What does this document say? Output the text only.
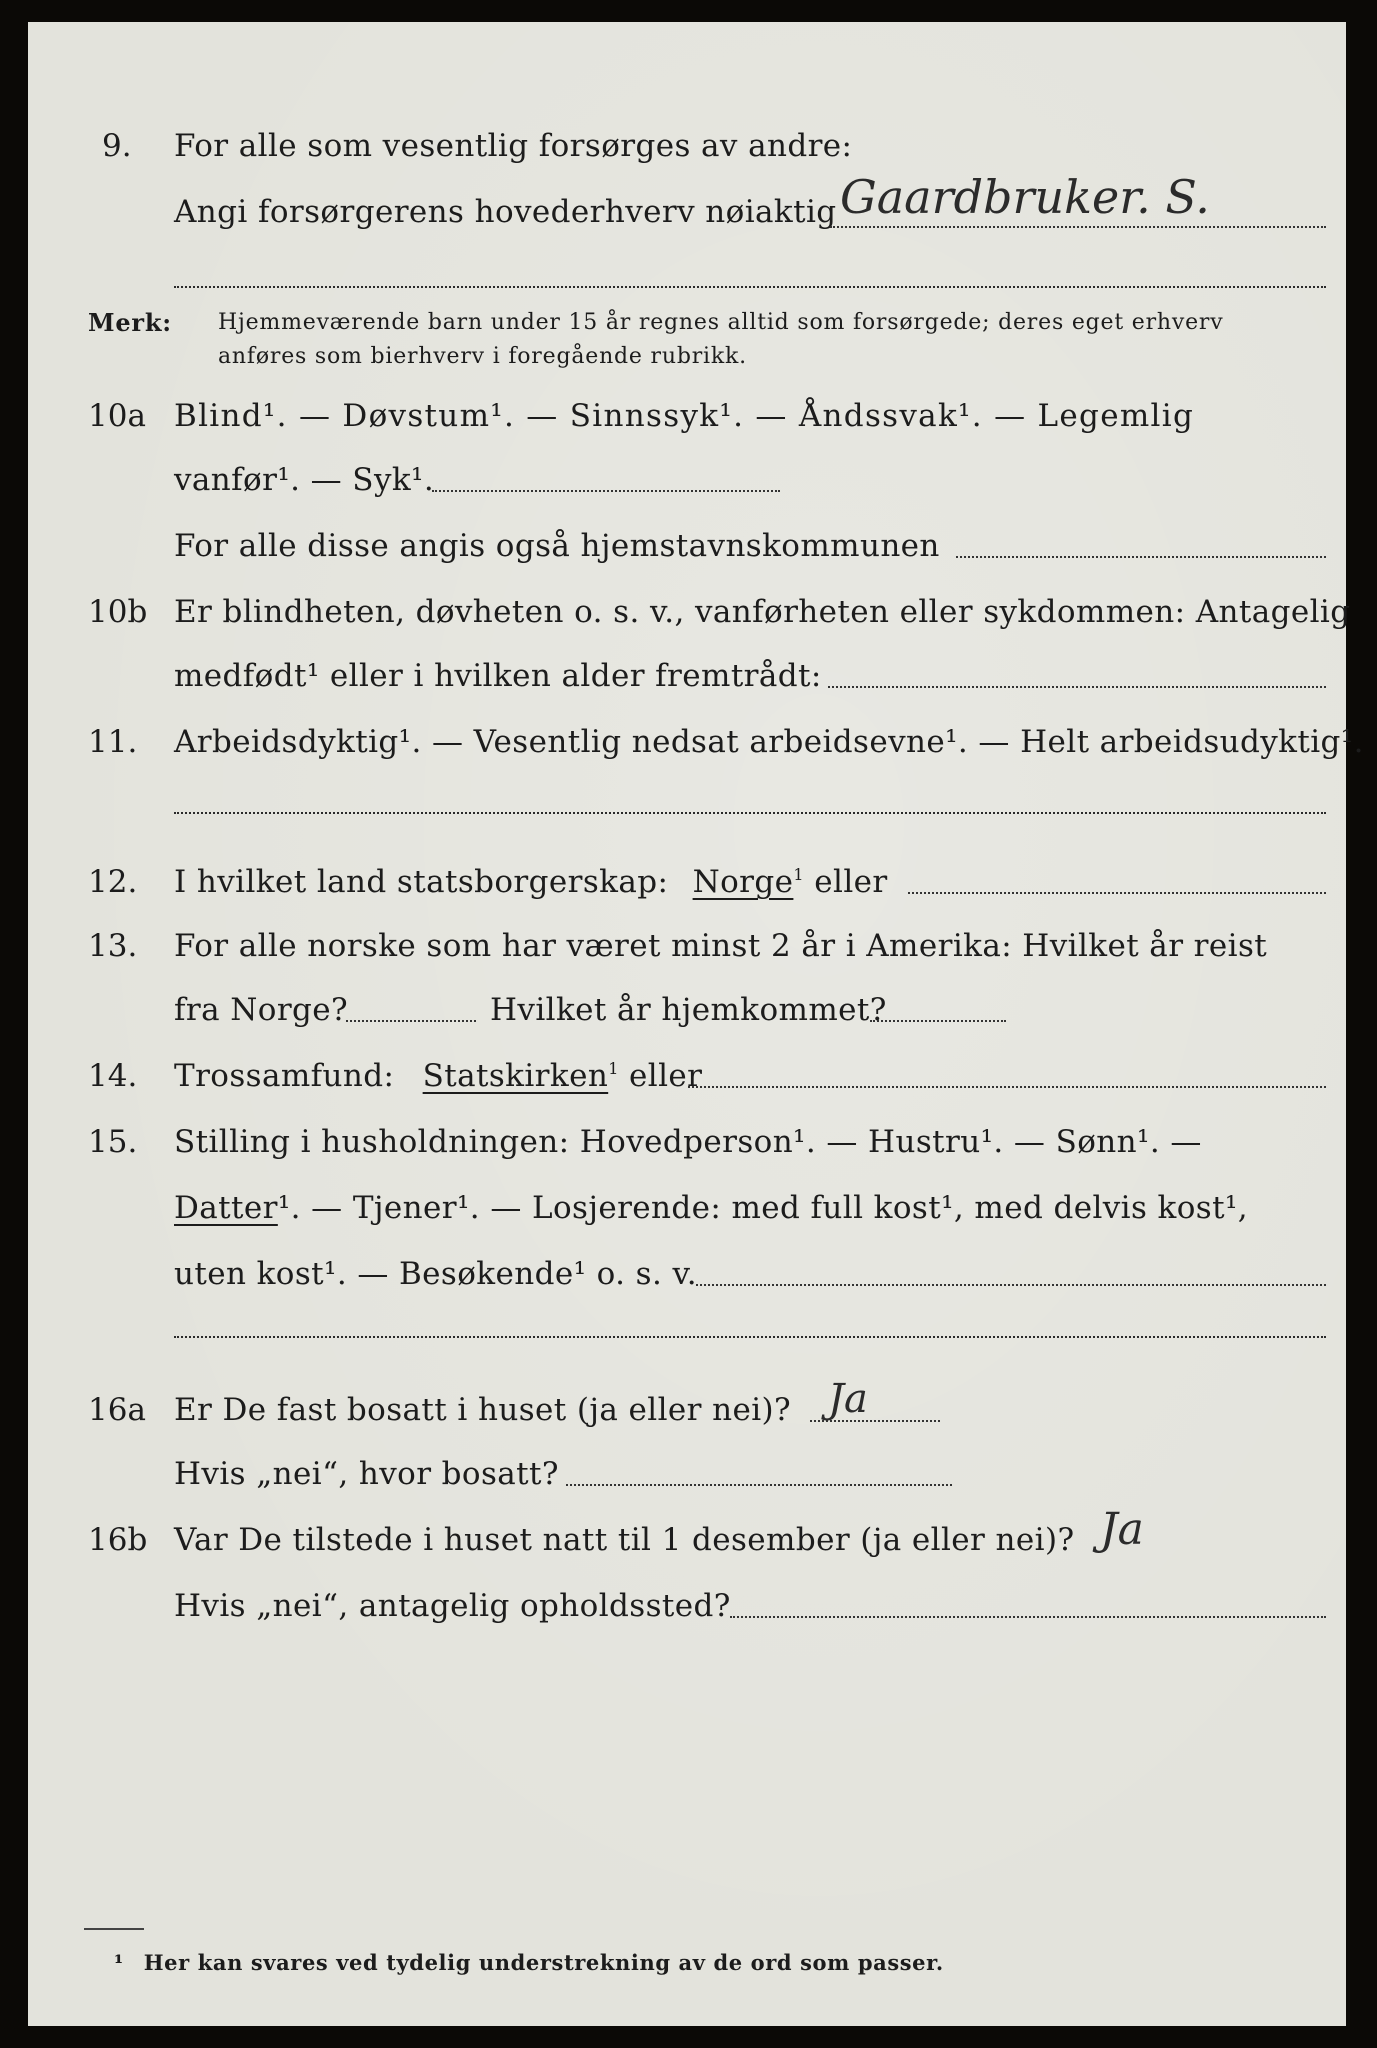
9. For alle som vesentlig forsørges av andre:
Angi forsørgerens hovederhverv nøiaktig Gaardbruker. S.
Merk: Hjemmeværende barn under 15 år regnes alltid som forsørgede; deres eget erhverv
anføres som bierhverv i foregående rubrikk.
10a Blind¹. — Døvstum¹. — Sinnssyk¹. — Åndssvak¹. — Legemlig
vanfør¹. — Syk¹.
For alle disse angis også hjemstavnskommunen
10b Er blindheten, døvheten o. s. v., vanførheten eller sykdommen: Antagelig
medfødt¹ eller i hvilken alder fremtrådt:
11. Arbeidsdyktig¹. — Vesentlig nedsat arbeidsevne¹. — Helt arbeidsudyktig¹.
12. I hvilket land statsborgerskap: Norge$^1$ eller
13. For alle norske som har været minst 2 år i Amerika: Hvilket år reist
fra Norge?	Hvilket år hjemkommet?
14. Trossamfund: Statskirken$^1$ eller
15. Stilling i husholdningen: Hovedperson¹. — Hustru¹. — Sønn¹. —
Datter¹. — Tjener¹. — Losjerende: med full kost¹, med delvis kost¹,
uten kost¹. — Besøkende¹ o. s. v.
16a Er De fast bosatt i huset (ja eller nei)? Ja
Hvis „nei“, hvor bosatt?
16b Var De tilstede i huset natt til 1 desember (ja eller nei)? Ja
Hvis „nei“, antagelig opholdssted?
¹ Her kan svares ved tydelig understrekning av de ord som passer.
